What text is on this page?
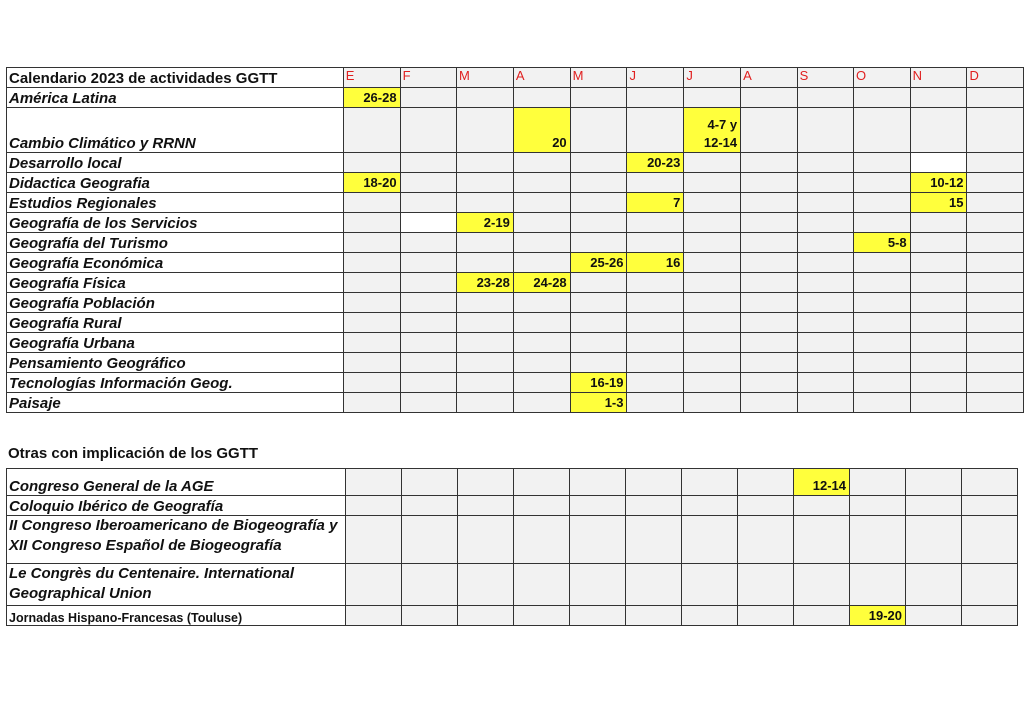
Calendario 2023 de actividades GGTT	E	F	M	A	M	J	J	A	S	O	N	D
América Latina	26-28											

Cambio Climático y RRNN				20			4-7 y
12-14					

Desarrollo local						20-23						

Didactica Geografia	18-20										10-12	

Estudios Regionales						7					15	

Geografía de los Servicios			2-19									

Geografía del Turismo										5-8		

Geografía Económica					25-26	16						

Geografía Física			23-28	24-28								

Geografía Población												
Geografía Rural												
Geografía Urbana												
Pensamiento Geográfico												
Tecnologías Información Geog.					16-19							

Paisaje					1-3							

Otras con implicación de los GGTT
Congreso General de la AGE									12-14			

Coloquio Ibérico de Geografía												
II Congreso Iberoamericano de Biogeografía y XII Congreso Español de Biogeografía												
Le Congrès du Centenaire. International Geographical Union												
Jornadas Hispano-Francesas (Touluse)										19-20		
